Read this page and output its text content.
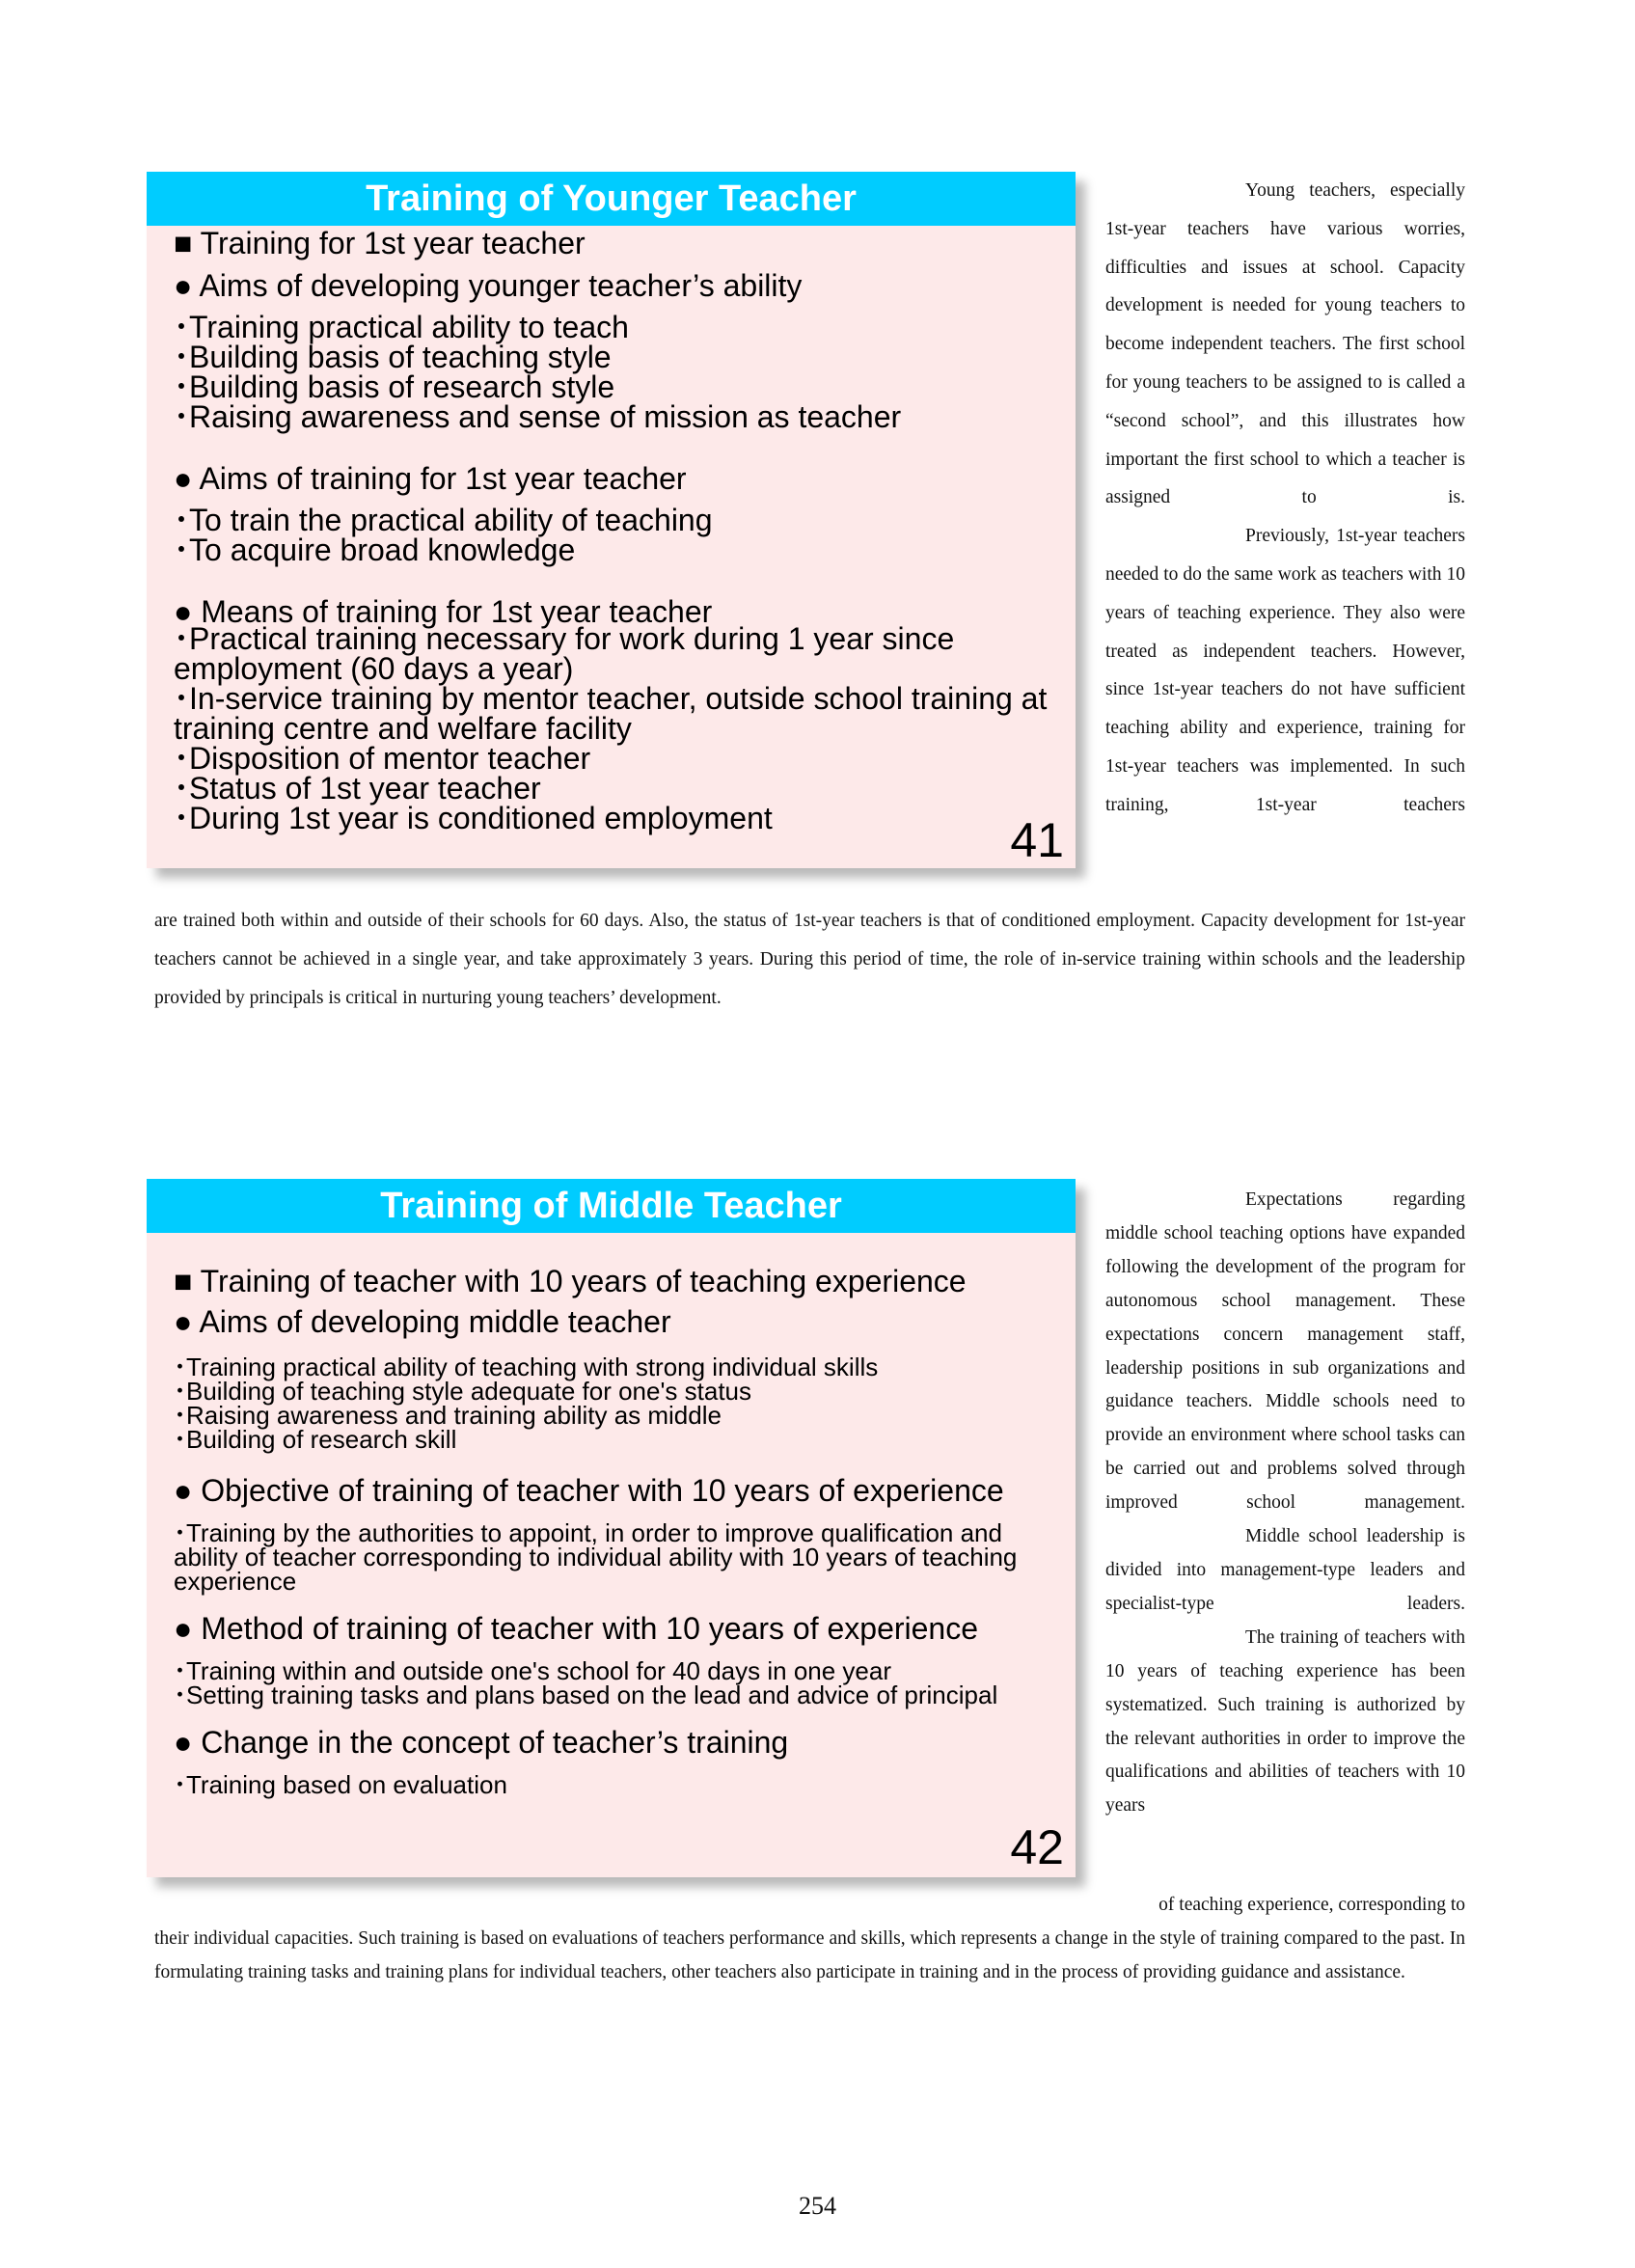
Training of Younger Teacher
■ Training for 1st year teacher
● Aims of developing younger teacher’s ability
･Training practical ability to teach
･Building basis of teaching style
･Building basis of research style
･Raising awareness and sense of mission as teacher
● Aims of training for 1st year teacher
･To train the practical ability of teaching
･To acquire broad knowledge
● Means of training for 1st year teacher
･Practical training necessary for work during 1 year since employment (60 days a year)
･In-service training by mentor teacher, outside school training at training centre and welfare facility
･Disposition of mentor teacher
･Status of 1st year teacher
･During 1st year is conditioned employment	41

Young teachers, especially 1st-year teachers have various worries, difficulties and issues at school. Capacity development is needed for young teachers to become independent teachers. The first school for young teachers to be assigned to is called a “second school”, and this illustrates how important the first school to which a teacher is assigned to is.

Previously, 1st-year teachers needed to do the same work as teachers with 10 years of teaching experience. They also were treated as independent teachers. However, since 1st-year teachers do not have sufficient teaching ability and experience, training for 1st-year teachers was implemented. In such training, 1st-year teachers

are trained both within and outside of their schools for 60 days. Also, the status of 1st-year teachers is that of conditioned employment. Capacity development for 1st-year teachers cannot be achieved in a single year, and take approximately 3 years. During this period of time, the role of in-service training within schools and the leadership provided by principals is critical in nurturing young teachers’ development.
Training of Middle Teacher
■ Training of teacher with 10 years of teaching experience
● Aims of developing middle teacher
･Training practical ability of teaching with strong individual skills
･Building of teaching style adequate for one's status
･Raising awareness and training ability as middle
･Building of research skill
● Objective of training of teacher with 10 years of experience
･Training by the authorities to appoint, in order to improve qualification and ability of teacher corresponding to individual ability with 10 years of teaching experience
● Method of training of teacher with 10 years of experience
･Training within and outside one's school for 40 days in one year
･Setting training tasks and plans based on the lead and advice of principal
● Change in the concept of teacher’s training
･Training based on evaluation
42

Expectations regarding middle school teaching options have expanded following the development of the program for autonomous school management. These expectations concern management staff, leadership positions in sub organizations and guidance teachers. Middle schools need to provide an environment where school tasks can be carried out and problems solved through improved school management.

Middle school leadership is divided into management-type leaders and specialist-type leaders.

The training of teachers with 10 years of teaching experience has been systematized. Such training is authorized by the relevant authorities in order to improve the qualifications and abilities of teachers with 10 years

of teaching experience, corresponding to
their individual capacities. Such training is based on evaluations of teachers performance and skills, which represents a change in the style of training compared to the past. In formulating training tasks and training plans for individual teachers, other teachers also participate in training and in the process of providing guidance and assistance.
254
